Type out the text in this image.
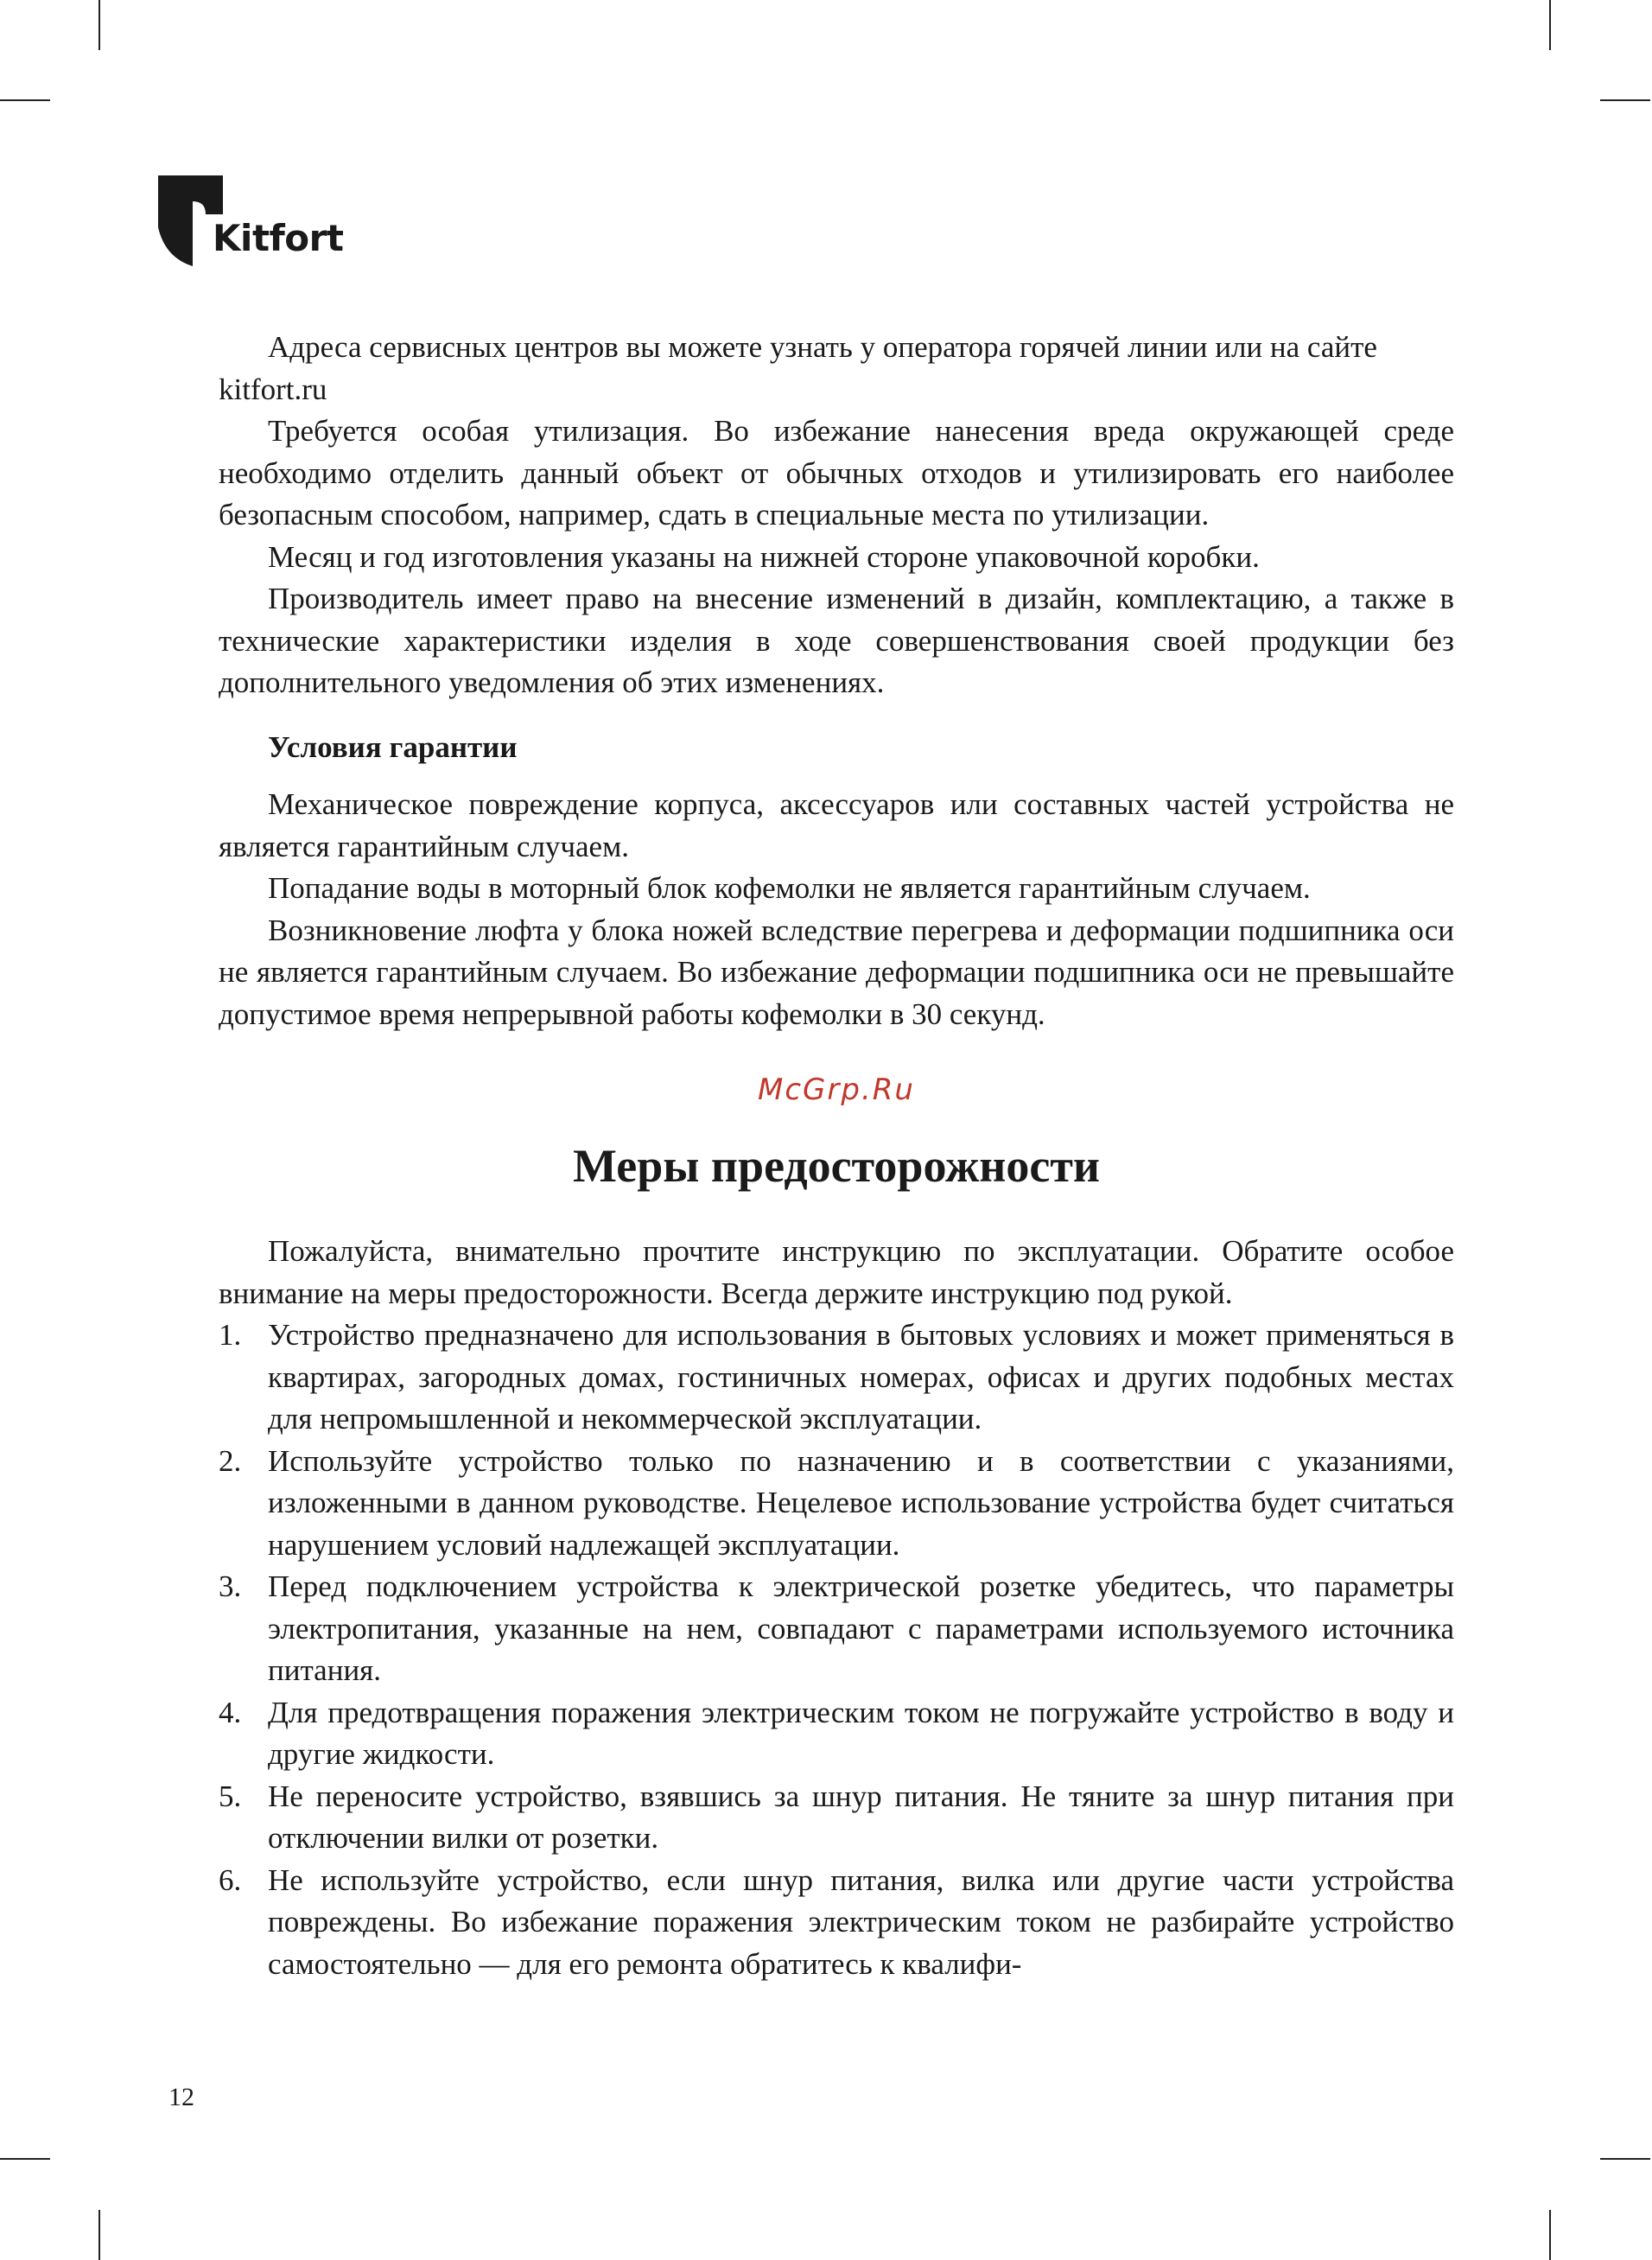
Kitfort

Адреса сервисных центров вы можете узнать у оператора горячей линии или на сайте kitfort.ru

Требуется особая утилизация. Во избежание нанесения вреда окружающей среде необходимо отделить данный объект от обычных отходов и утилизировать его наиболее безопасным способом, например, сдать в специальные места по утилизации.

Месяц и год изготовления указаны на нижней стороне упаковочной коробки.

Производитель имеет право на внесение изменений в дизайн, комплектацию, а также в технические характеристики изделия в ходе совершенствования своей продукции без дополнительного уведомления об этих изменениях.

Условия гарантии

Механическое повреждение корпуса, аксессуаров или составных частей устройства не является гарантийным случаем.

Попадание воды в моторный блок кофемолки не является гарантийным случаем.

Возникновение люфта у блока ножей вследствие перегрева и деформации подшипника оси не является гарантийным случаем. Во избежание деформации подшипника оси не превышайте допустимое время непрерывной работы кофемолки в 30 секунд.

McGrp.Ru
Меры предосторожности

Пожалуйста, внимательно прочтите инструкцию по эксплуатации. Обратите особое внимание на меры предосторожности. Всегда держите инструкцию под рукой.

1. Устройство предназначено для использования в бытовых условиях и может применяться в квартирах, загородных домах, гостиничных номерах, офисах и других подобных местах для непромышленной и некоммерческой эксплуатации.
2. Используйте устройство только по назначению и в соответствии с указаниями, изложенными в данном руководстве. Нецелевое использование устройства будет считаться нарушением условий надлежащей эксплуатации.
3. Перед подключением устройства к электрической розетке убедитесь, что параметры электропитания, указанные на нем, совпадают с параметрами используемого источника питания.
4. Для предотвращения поражения электрическим током не погружайте устройство в воду и другие жидкости.
5. Не переносите устройство, взявшись за шнур питания. Не тяните за шнур питания при отключении вилки от розетки.
6. Не используйте устройство, если шнур питания, вилка или другие части устройства повреждены. Во избежание поражения электрическим током не разбирайте устройство самостоятельно — для его ремонта обратитесь к квалифи-
12
